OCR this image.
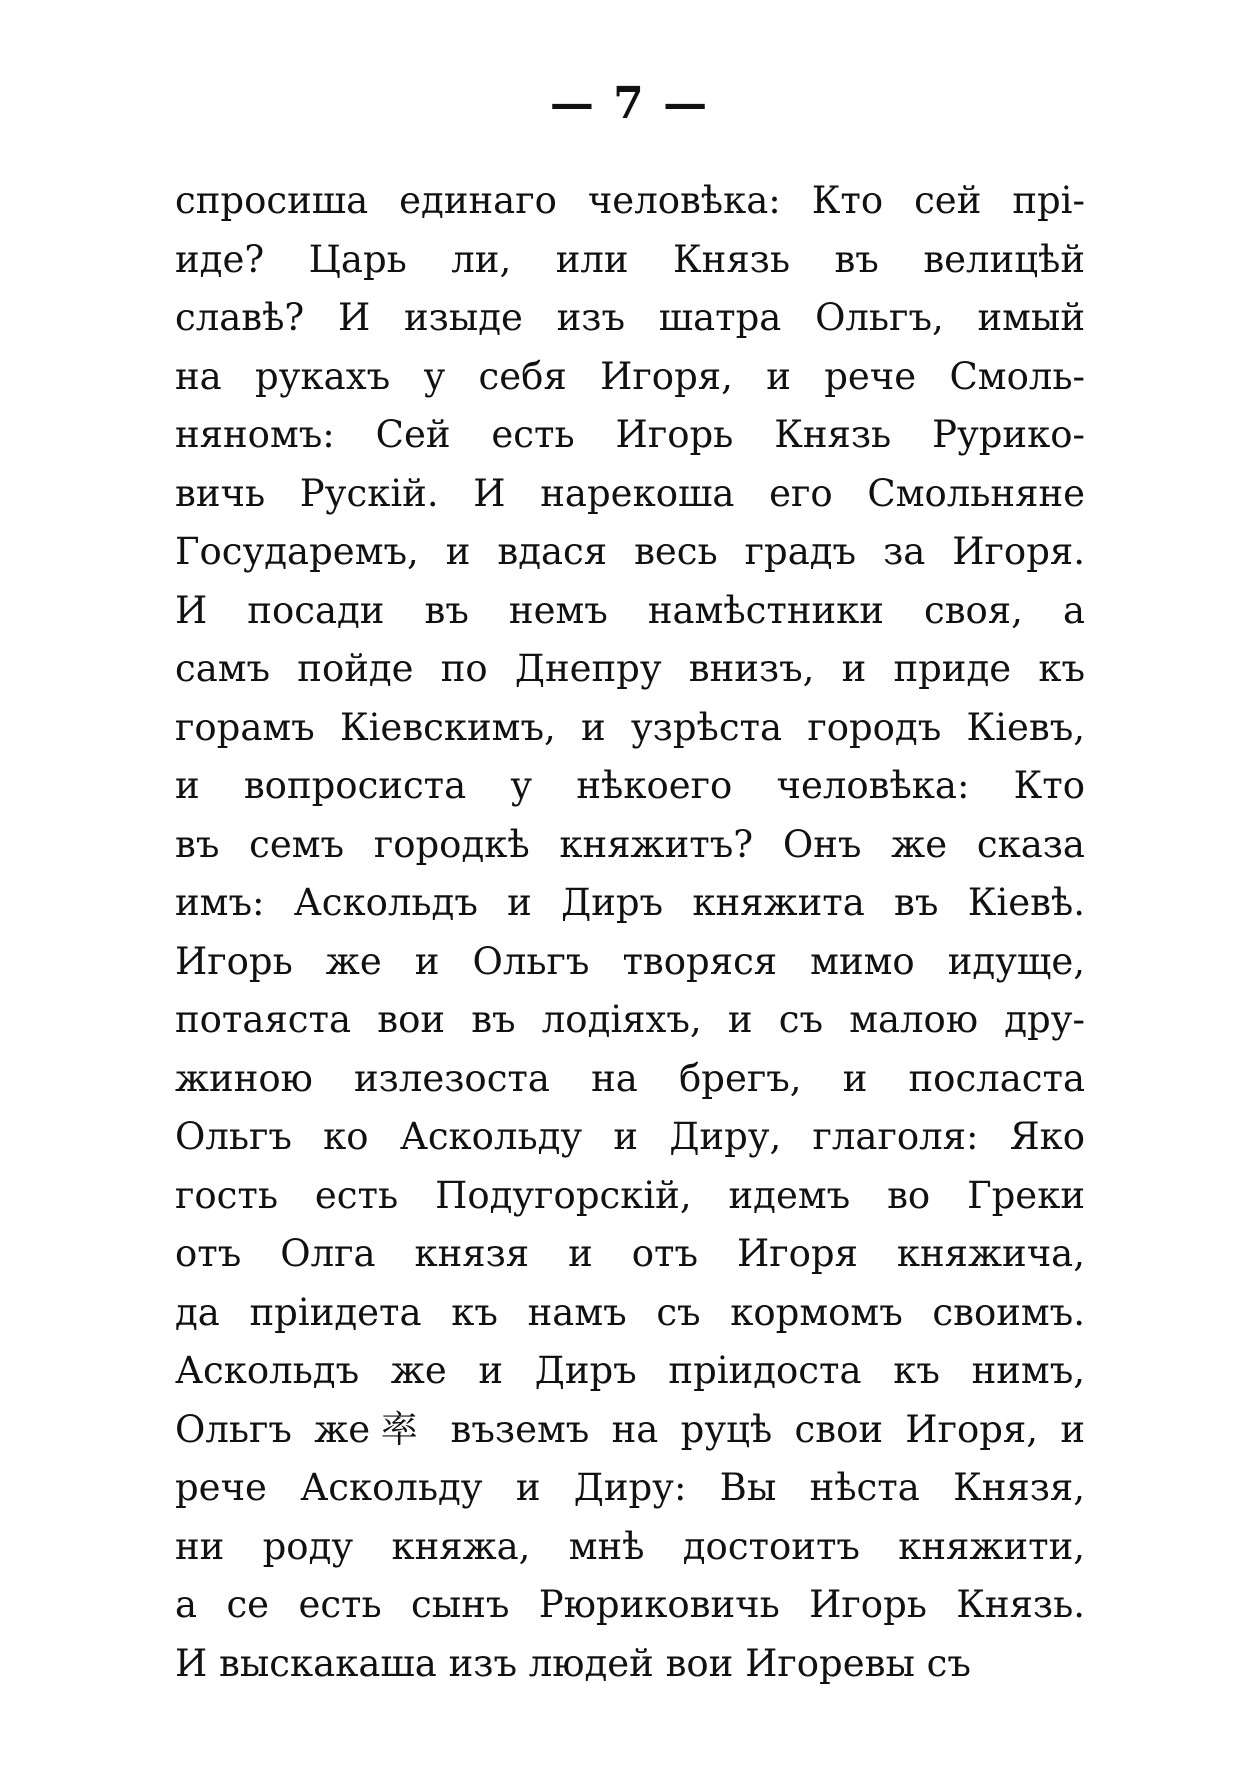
— 7 —
спросиша единаго человѣка: Кто сей прі-
иде? Царь ли, или Князь въ велицѣй
славѣ? И изыде изъ шатра Ольгъ, имый
на рукахъ у себя Игоря, и рече Смоль-
няномъ: Сей есть Игорь Князь Рурико-
вичь Рускій. И нарекоша его Смольняне
Государемъ, и вдася весь градъ за Игоря.
И посади въ немъ намѣстники своя, а
самъ пойде по Днепру внизъ, и приде къ
горамъ Кіевскимъ, и узрѣста городъ Кіевъ,
и вопросиста у нѣкоего человѣка: Кто
въ семъ городкѣ княжитъ? Онъ же сказа
имъ: Аскольдъ и Диръ княжита въ Кіевѣ.
Игорь же и Ольгъ творяся мимо идуще,
потаяста вои въ лодіяхъ, и съ малою дру-
жиною излезоста на брегъ, и посласта
Ольгъ ко Аскольду и Диру, глаголя: Яко
гость есть Подугорскій, идемъ во Греки
отъ Олга князя и отъ Игоря княжича,
да пріидета къ намъ съ кормомъ своимъ.
Аскольдъ же и Диръ пріидоста къ нимъ,
Ольгъ же率 въземъ на руцѣ свои Игоря, и
рече Аскольду и Диру: Вы нѣста Князя,
ни роду княжа, мнѣ достоитъ княжити,
а се есть сынъ Рюриковичь Игорь Князь.
И выскакаша изъ людей вои Игоревы съ
